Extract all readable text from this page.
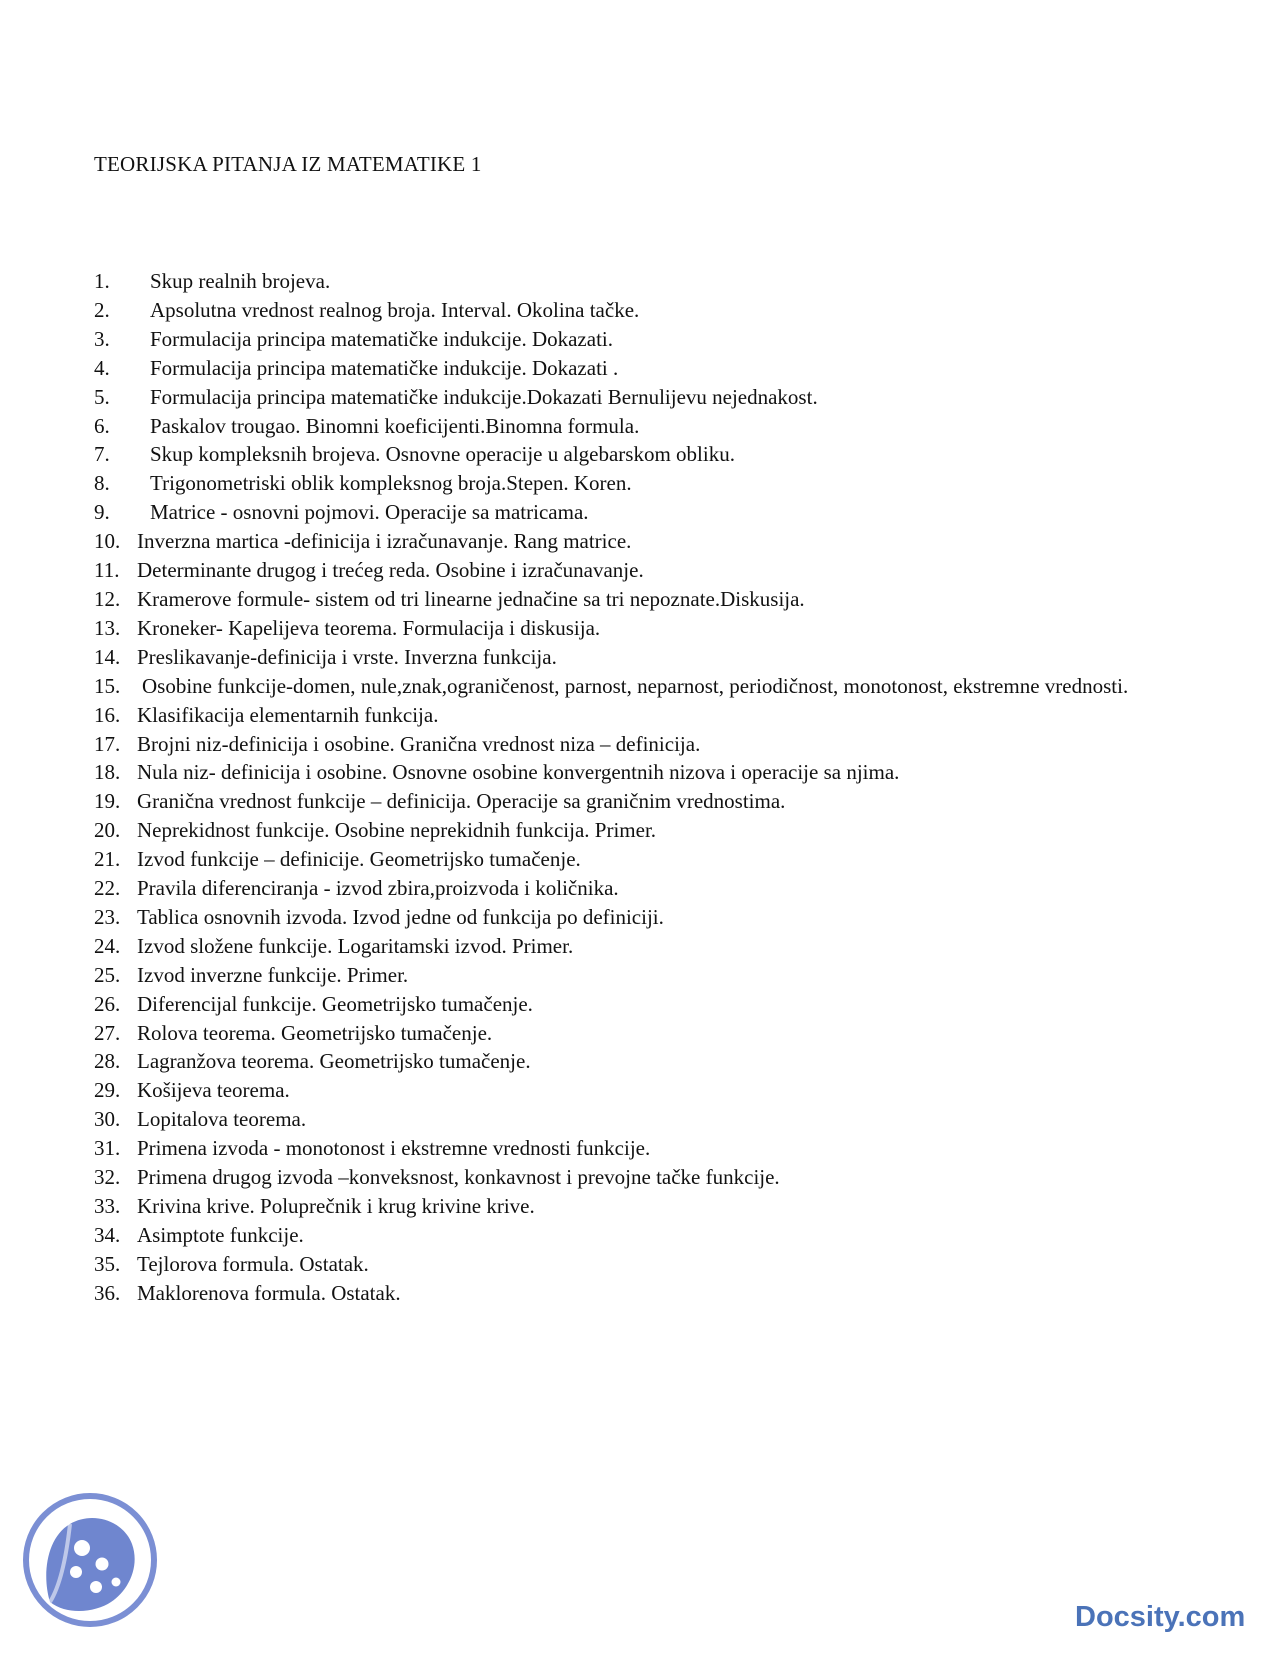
TEORIJSKA PITANJA IZ MATEMATIKE 1
1. Skup realnih brojeva.
2. Apsolutna vrednost realnog broja. Interval. Okolina tačke.
3. Formulacija principa matematičke indukcije. Dokazati.
4. Formulacija principa matematičke indukcije. Dokazati .
5. Formulacija principa matematičke indukcije.Dokazati Bernulijevu nejednakost.
6. Paskalov trougao. Binomni koeficijenti.Binomna formula.
7. Skup kompleksnih brojeva. Osnovne operacije u algebarskom obliku.
8. Trigonometriski oblik kompleksnog broja.Stepen. Koren.
9. Matrice - osnovni pojmovi. Operacije sa matricama.
10. Inverzna martica -definicija i izračunavanje. Rang matrice.
11. Determinante drugog i trećeg reda. Osobine i izračunavanje.
12. Kramerove formule- sistem od tri linearne jednačine sa tri nepoznate.Diskusija.
13. Kroneker- Kapelijeva teorema. Formulacija i diskusija.
14. Preslikavanje-definicija i vrste. Inverzna funkcija.
15. Osobine funkcije-domen, nule,znak,ograničenost, parnost, neparnost, periodičnost, monotonost, ekstremne vrednosti.
16. Klasifikacija elementarnih funkcija.
17. Brojni niz-definicija i osobine. Granična vrednost niza – definicija.
18. Nula niz- definicija i osobine. Osnovne osobine konvergentnih nizova i operacije sa njima.
19. Granična vrednost funkcije – definicija. Operacije sa graničnim vrednostima.
20. Neprekidnost funkcije. Osobine neprekidnih funkcija. Primer.
21. Izvod funkcije – definicije. Geometrijsko tumačenje.
22. Pravila diferenciranja - izvod zbira,proizvoda i količnika.
23. Tablica osnovnih izvoda. Izvod jedne od funkcija po definiciji.
24. Izvod složene funkcije. Logaritamski izvod. Primer.
25. Izvod inverzne funkcije. Primer.
26. Diferencijal funkcije. Geometrijsko tumačenje.
27. Rolova teorema. Geometrijsko tumačenje.
28. Lagranžova teorema. Geometrijsko tumačenje.
29. Košijeva teorema.
30. Lopitalova teorema.
31. Primena izvoda - monotonost i ekstremne vrednosti funkcije.
32. Primena drugog izvoda –konveksnost, konkavnost i prevojne tačke funkcije.
33. Krivina krive. Poluprečnik i krug krivine krive.
34. Asimptote funkcije.
35. Tejlorova formula. Ostatak.
36. Maklorenova formula. Ostatak.
Docsity.com
